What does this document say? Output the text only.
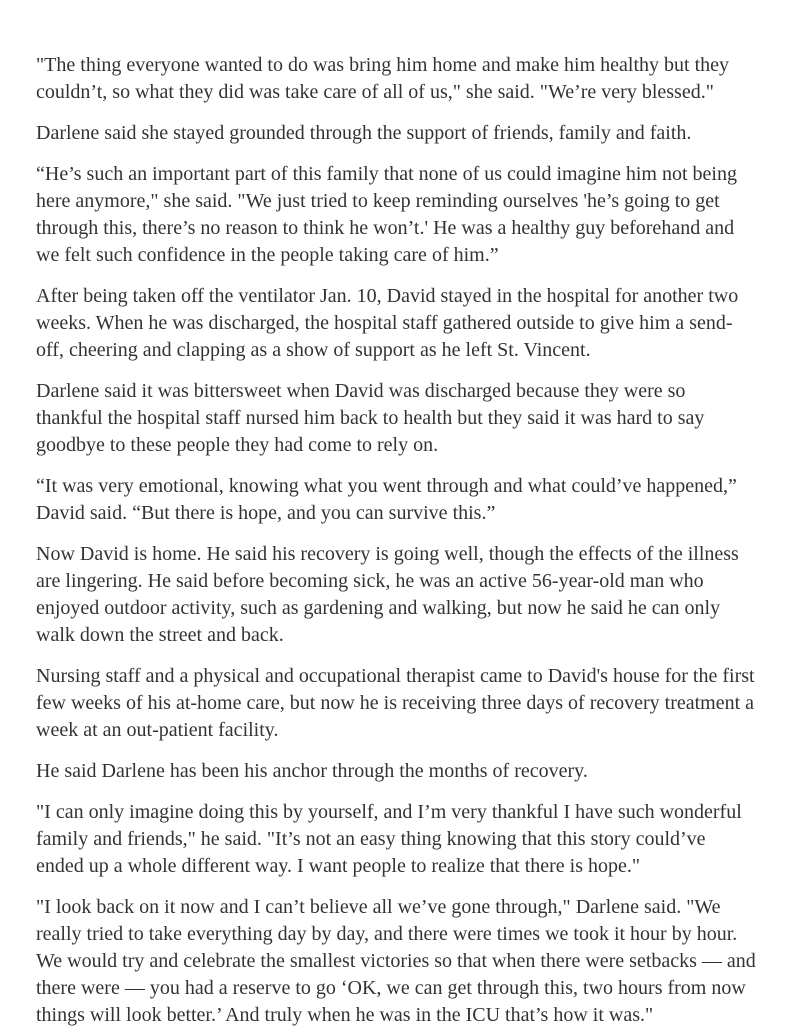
"The thing everyone wanted to do was bring him home and make him healthy but they couldn’t, so what they did was take care of all of us," she said. "We’re very blessed."

Darlene said she stayed grounded through the support of friends, family and faith.

“He’s such an important part of this family that none of us could imagine him not being here anymore," she said. "We just tried to keep reminding ourselves 'he’s going to get through this, there’s no reason to think he won’t.' He was a healthy guy beforehand and we felt such confidence in the people taking care of him.”

After being taken off the ventilator Jan. 10, David stayed in the hospital for another two weeks. When he was discharged, the hospital staff gathered outside to give him a send-off, cheering and clapping as a show of support as he left St. Vincent.

Darlene said it was bittersweet when David was discharged because they were so thankful the hospital staff nursed him back to health but they said it was hard to say goodbye to these people they had come to rely on.

“It was very emotional, knowing what you went through and what could’ve happened,” David said. “But there is hope, and you can survive this.”

Now David is home. He said his recovery is going well, though the effects of the illness are lingering. He said before becoming sick, he was an active 56-year-old man who enjoyed outdoor activity, such as gardening and walking, but now he said he can only walk down the street and back.

Nursing staff and a physical and occupational therapist came to David's house for the first few weeks of his at-home care, but now he is receiving three days of recovery treatment a week at an out-patient facility.

He said Darlene has been his anchor through the months of recovery.

"I can only imagine doing this by yourself, and I’m very thankful I have such wonderful family and friends," he said. "It’s not an easy thing knowing that this story could’ve ended up a whole different way. I want people to realize that there is hope."

"I look back on it now and I can’t believe all we’ve gone through," Darlene said. "We really tried to take everything day by day, and there were times we took it hour by hour. We would try and celebrate the smallest victories so that when there were setbacks — and there were — you had a reserve to go ‘OK, we can get through this, two hours from now things will look better.’ And truly when he was in the ICU that’s how it was."
